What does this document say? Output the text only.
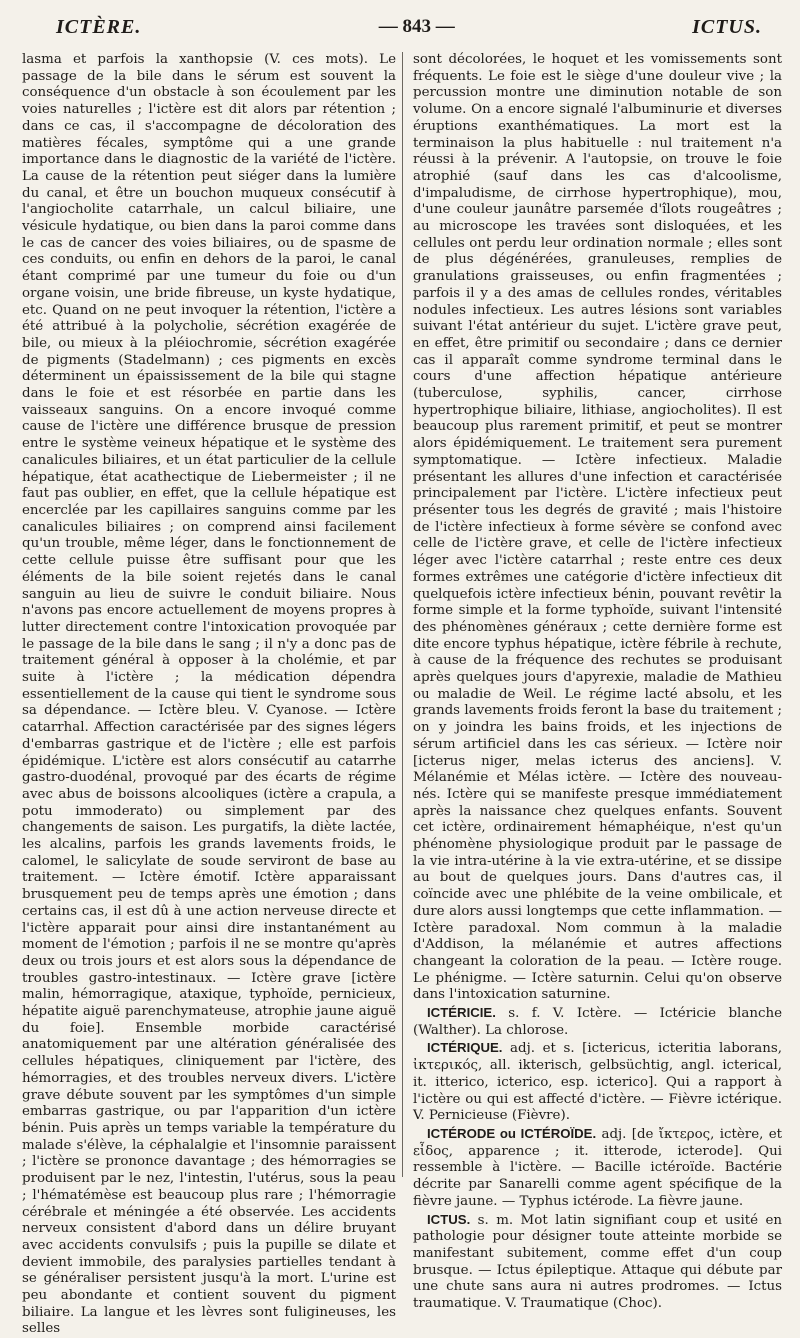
ICTÈRE.	— 843 —	ICTUS.

lasma et parfois la xanthopsie (V. ces mots). Le passage de la bile dans le sérum est souvent la conséquence d'un obstacle à son écoulement par les voies naturelles ; l'ictère est dit alors par rétention ; dans ce cas, il s'accompagne de décoloration des matières fécales, symptôme qui a une grande importance dans le diagnostic de la variété de l'ictère. La cause de la rétention peut siéger dans la lumière du canal, et être un bouchon muqueux consécutif à l'angiocholite catarrhale, un calcul biliaire, une vésicule hydatique, ou bien dans la paroi comme dans le cas de cancer des voies biliaires, ou de spasme de ces conduits, ou enfin en dehors de la paroi, le canal étant comprimé par une tumeur du foie ou d'un organe voisin, une bride fibreuse, un kyste hydatique, etc. Quand on ne peut invoquer la rétention, l'ictère a été attribué à la polycholie, sécrétion exagérée de bile, ou mieux à la pléiochromie, sécrétion exagérée de pigments (Stadelmann) ; ces pigments en excès déterminent un épaississement de la bile qui stagne dans le foie et est résorbée en partie dans les vaisseaux sanguins. On a encore invoqué comme cause de l'ictère une différence brusque de pression entre le système veineux hépatique et le système des canalicules biliaires, et un état particulier de la cellule hépatique, état acathectique de Liebermeister ; il ne faut pas oublier, en effet, que la cellule hépatique est encerclée par les capillaires sanguins comme par les canalicules biliaires ; on comprend ainsi facilement qu'un trouble, même léger, dans le fonctionnement de cette cellule puisse être suffisant pour que les éléments de la bile soient rejetés dans le canal sanguin au lieu de suivre le conduit biliaire. Nous n'avons pas encore actuellement de moyens propres à lutter directement contre l'intoxication provoquée par le passage de la bile dans le sang ; il n'y a donc pas de traitement général à opposer à la cholémie, et par suite à l'ictère ; la médication dépendra essentiellement de la cause qui tient le syndrome sous sa dépendance. — Ictère bleu. V. Cyanose. — Ictère catarrhal. Affection caractérisée par des signes légers d'embarras gastrique et de l'ictère ; elle est parfois épidémique. L'ictère est alors consécutif au catarrhe gastro-duodénal, provoqué par des écarts de régime avec abus de boissons alcooliques (ictère a crapula, a potu immoderato) ou simplement par des changements de saison. Les purgatifs, la diète lactée, les alcalins, parfois les grands lavements froids, le calomel, le salicylate de soude serviront de base au traitement. — Ictère émotif. Ictère apparaissant brusquement peu de temps après une émotion ; dans certains cas, il est dû à une action nerveuse directe et l'ictère apparait pour ainsi dire instantanément au moment de l'émotion ; parfois il ne se montre qu'après deux ou trois jours et est alors sous la dépendance de troubles gastro-intestinaux. — Ictère grave [ictère malin, hémorragique, ataxique, typhoïde, pernicieux, hépatite aiguë parenchymateuse, atrophie jaune aiguë du foie]. Ensemble morbide caractérisé anatomiquement par une altération généralisée des cellules hépatiques, cliniquement par l'ictère, des hémorragies, et des troubles nerveux divers. L'ictère grave débute souvent par les symptômes d'un simple embarras gastrique, ou par l'apparition d'un ictère bénin. Puis après un temps variable la température du malade s'élève, la céphalalgie et l'insomnie paraissent ; l'ictère se prononce davantage ; des hémorragies se produisent par le nez, l'intestin, l'utérus, sous la peau ; l'hématémèse est beaucoup plus rare ; l'hémorragie cérébrale et méningée a été observée. Les accidents nerveux consistent d'abord dans un délire bruyant avec accidents convulsifs ; puis la pupille se dilate et devient immobile, des paralysies partielles tendant à se généraliser persistent jusqu'à la mort. L'urine est peu abondante et contient souvent du pigment biliaire. La langue et les lèvres sont fuligineuses, les selles

sont décolorées, le hoquet et les vomissements sont fréquents. Le foie est le siège d'une douleur vive ; la percussion montre une diminution notable de son volume. On a encore signalé l'albuminurie et diverses éruptions exanthématiques. La mort est la terminaison la plus habituelle : nul traitement n'a réussi à la prévenir. A l'autopsie, on trouve le foie atrophié (sauf dans les cas d'alcoolisme, d'impaludisme, de cirrhose hypertrophique), mou, d'une couleur jaunâtre parsemée d'îlots rougeâtres ; au microscope les travées sont disloquées, et les cellules ont perdu leur ordination normale ; elles sont de plus dégénérées, granuleuses, remplies de granulations graisseuses, ou enfin fragmentées ; parfois il y a des amas de cellules rondes, véritables nodules infectieux. Les autres lésions sont variables suivant l'état antérieur du sujet. L'ictère grave peut, en effet, être primitif ou secondaire ; dans ce dernier cas il apparaît comme syndrome terminal dans le cours d'une affection hépatique antérieure (tuberculose, syphilis, cancer, cirrhose hypertrophique biliaire, lithiase, angiocholites). Il est beaucoup plus rarement primitif, et peut se montrer alors épidémiquement. Le traitement sera purement symptomatique. — Ictère infectieux. Maladie présentant les allures d'une infection et caractérisée principalement par l'ictère. L'ictère infectieux peut présenter tous les degrés de gravité ; mais l'histoire de l'ictère infectieux à forme sévère se confond avec celle de l'ictère grave, et celle de l'ictère infectieux léger avec l'ictère catarrhal ; reste entre ces deux formes extrêmes une catégorie d'ictère infectieux dit quelquefois ictère infectieux bénin, pouvant revêtir la forme simple et la forme typhoïde, suivant l'intensité des phénomènes généraux ; cette dernière forme est dite encore typhus hépatique, ictère fébrile à rechute, à cause de la fréquence des rechutes se produisant après quelques jours d'apyrexie, maladie de Mathieu ou maladie de Weil. Le régime lacté absolu, et les grands lavements froids feront la base du traitement ; on y joindra les bains froids, et les injections de sérum artificiel dans les cas sérieux. — Ictère noir [icterus niger, melas icterus des anciens]. V. Mélanémie et Mélas ictère. — Ictère des nouveau-nés. Ictère qui se manifeste presque immédiatement après la naissance chez quelques enfants. Souvent cet ictère, ordinairement hémaphéique, n'est qu'un phénomène physiologique produit par le passage de la vie intra-utérine à la vie extra-utérine, et se dissipe au bout de quelques jours. Dans d'autres cas, il coïncide avec une phlébite de la veine ombilicale, et dure alors aussi longtemps que cette inflammation. — Ictère paradoxal. Nom commun à la maladie d'Addison, la mélanémie et autres affections changeant la coloration de la peau. — Ictère rouge. Le phénigme. — Ictère saturnin. Celui qu'on observe dans l'intoxication saturnine.

ICTÉRICIE. s. f. V. Ictère. — Ictéricie blanche (Walther). La chlorose.

ICTÉRIQUE. adj. et s. [ictericus, icteritia laborans, ἰκτερικός, all. ikterisch, gelbsüchtig, angl. icterical, it. itterico, icterico, esp. icterico]. Qui a rapport à l'ictère ou qui est affecté d'ictère. — Fièvre ictérique. V. Pernicieuse (Fièvre).

ICTÉRODE ou ICTÉROÏDE. adj. [de ἴκτερος, ictère, et εἶδος, apparence ; it. itterode, icterode]. Qui ressemble à l'ictère. — Bacille ictéroïde. Bactérie décrite par Sanarelli comme agent spécifique de la fièvre jaune. — Typhus ictérode. La fièvre jaune.

ICTUS. s. m. Mot latin signifiant coup et usité en pathologie pour désigner toute atteinte morbide se manifestant subitement, comme effet d'un coup brusque. — Ictus épileptique. Attaque qui débute par une chute sans aura ni autres prodromes. — Ictus traumatique. V. Traumatique (Choc).
